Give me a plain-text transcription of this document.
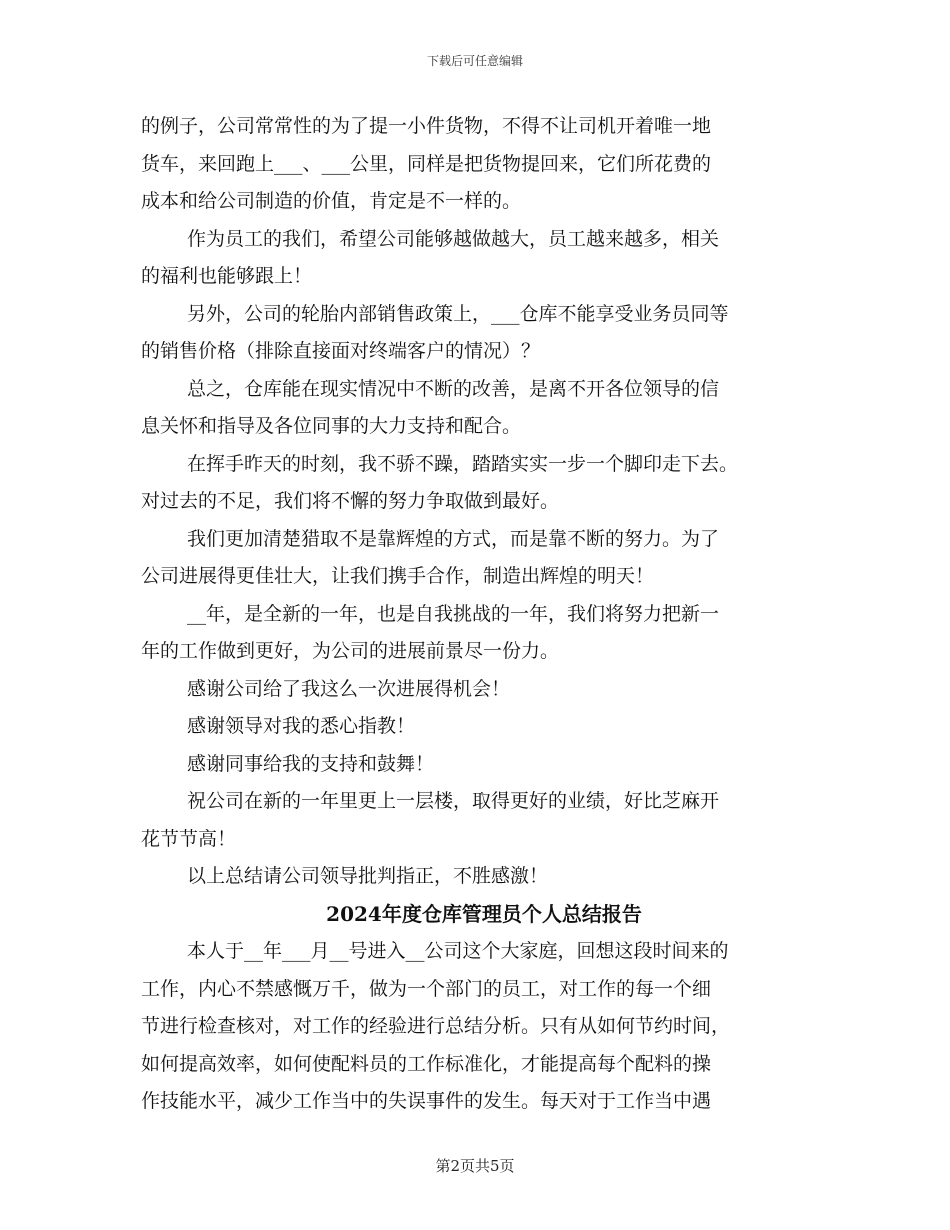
下载后可任意编辑
的例子，公司常常性的为了提一小件货物，不得不让司机开着唯一地
货车，来回跑上___、___公里，同样是把货物提回来，它们所花费的
成本和给公司制造的价值，肯定是不一样的。
作为员工的我们，希望公司能够越做越大，员工越来越多，相关
的福利也能够跟上！
另外，公司的轮胎内部销售政策上，___仓库不能享受业务员同等
的销售价格（排除直接面对终端客户的情况）？
总之，仓库能在现实情况中不断的改善，是离不开各位领导的信
息关怀和指导及各位同事的大力支持和配合。
在挥手昨天的时刻，我不骄不躁，踏踏实实一步一个脚印走下去。
对过去的不足，我们将不懈的努力争取做到最好。
我们更加清楚猎取不是靠辉煌的方式，而是靠不断的努力。为了
公司进展得更佳壮大，让我们携手合作，制造出辉煌的明天！
__年，是全新的一年，也是自我挑战的一年，我们将努力把新一
年的工作做到更好，为公司的进展前景尽一份力。
感谢公司给了我这么一次进展得机会！
感谢领导对我的悉心指教！
感谢同事给我的支持和鼓舞！
祝公司在新的一年里更上一层楼，取得更好的业绩，好比芝麻开
花节节高！
以上总结请公司领导批判指正，不胜感激！
2024年度仓库管理员个人总结报告
本人于__年___月__号进入__公司这个大家庭，回想这段时间来的
工作，内心不禁感慨万千，做为一个部门的员工，对工作的每一个细
节进行检查核对，对工作的经验进行总结分析。只有从如何节约时间，
如何提高效率，如何使配料员的工作标准化，才能提高每个配料的操
作技能水平，减少工作当中的失误事件的发生。每天对于工作当中遇
第2页共5页
